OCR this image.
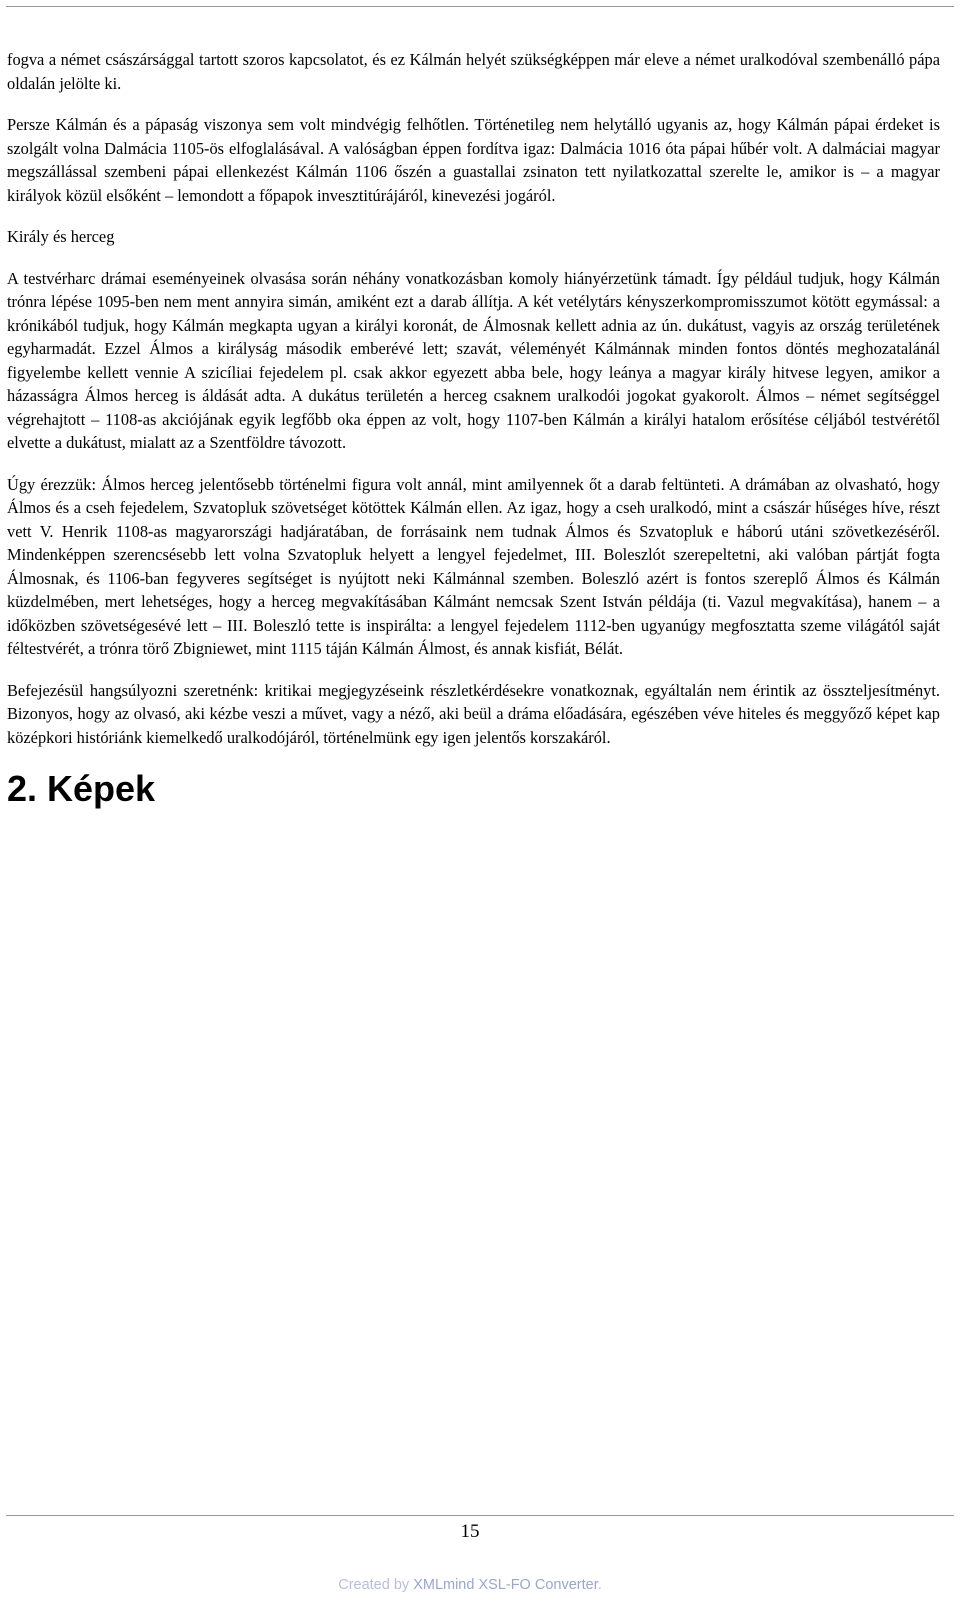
fogva a német császársággal tartott szoros kapcsolatot, és ez Kálmán helyét szükségképpen már eleve a német uralkodóval szembenálló pápa oldalán jelölte ki.

Persze Kálmán és a pápaság viszonya sem volt mindvégig felhőtlen. Történetileg nem helytálló ugyanis az, hogy Kálmán pápai érdeket is szolgált volna Dalmácia 1105-ös elfoglalásával. A valóságban éppen fordítva igaz: Dalmácia 1016 óta pápai hűbér volt. A dalmáciai magyar megszállással szembeni pápai ellenkezést Kálmán 1106 őszén a guastallai zsinaton tett nyilatkozattal szerelte le, amikor is – a magyar királyok közül elsőként – lemondott a főpapok invesztitúrájáról, kinevezési jogáról.

Király és herceg

A testvérharc drámai eseményeinek olvasása során néhány vonatkozásban komoly hiányérzetünk támadt. Így például tudjuk, hogy Kálmán trónra lépése 1095-ben nem ment annyira simán, amiként ezt a darab állítja. A két vetélytárs kényszerkompromisszumot kötött egymással: a krónikából tudjuk, hogy Kálmán megkapta ugyan a királyi koronát, de Álmosnak kellett adnia az ún. dukátust, vagyis az ország területének egyharmadát. Ezzel Álmos a királyság második emberévé lett; szavát, véleményét Kálmánnak minden fontos döntés meghozatalánál figyelembe kellett vennie A szicíliai fejedelem pl. csak akkor egyezett abba bele, hogy leánya a magyar király hitvese legyen, amikor a házasságra Álmos herceg is áldását adta. A dukátus területén a herceg csaknem uralkodói jogokat gyakorolt. Álmos – német segítséggel végrehajtott – 1108-as akciójának egyik legfőbb oka éppen az volt, hogy 1107-ben Kálmán a királyi hatalom erősítése céljából testvérétől elvette a dukátust, mialatt az a Szentföldre távozott.

Úgy érezzük: Álmos herceg jelentősebb történelmi figura volt annál, mint amilyennek őt a darab feltünteti. A drámában az olvasható, hogy Álmos és a cseh fejedelem, Szvatopluk szövetséget kötöttek Kálmán ellen. Az igaz, hogy a cseh uralkodó, mint a császár hűséges híve, részt vett V. Henrik 1108-as magyarországi hadjáratában, de forrásaink nem tudnak Álmos és Szvatopluk e háború utáni szövetkezéséről. Mindenképpen szerencsésebb lett volna Szvatopluk helyett a lengyel fejedelmet, III. Boleszlót szerepeltetni, aki valóban pártját fogta Álmosnak, és 1106-ban fegyveres segítséget is nyújtott neki Kálmánnal szemben. Boleszló azért is fontos szereplő Álmos és Kálmán küzdelmében, mert lehetséges, hogy a herceg megvakításában Kálmánt nemcsak Szent István példája (ti. Vazul megvakítása), hanem – a időközben szövetségesévé lett – III. Boleszló tette is inspirálta: a lengyel fejedelem 1112-ben ugyanúgy megfosztatta szeme világától saját féltestvérét, a trónra törő Zbigniewet, mint 1115 táján Kálmán Álmost, és annak kisfiát, Bélát.

Befejezésül hangsúlyozni szeretnénk: kritikai megjegyzéseink részletkérdésekre vonatkoznak, egyáltalán nem érintik az összteljesítményt. Bizonyos, hogy az olvasó, aki kézbe veszi a művet, vagy a néző, aki beül a dráma előadására, egészében véve hiteles és meggyőző képet kap középkori históriánk kiemelkedő uralkodójáról, történelmünk egy igen jelentős korszakáról.

2. Képek
15
Created by XMLmind XSL-FO Converter.
